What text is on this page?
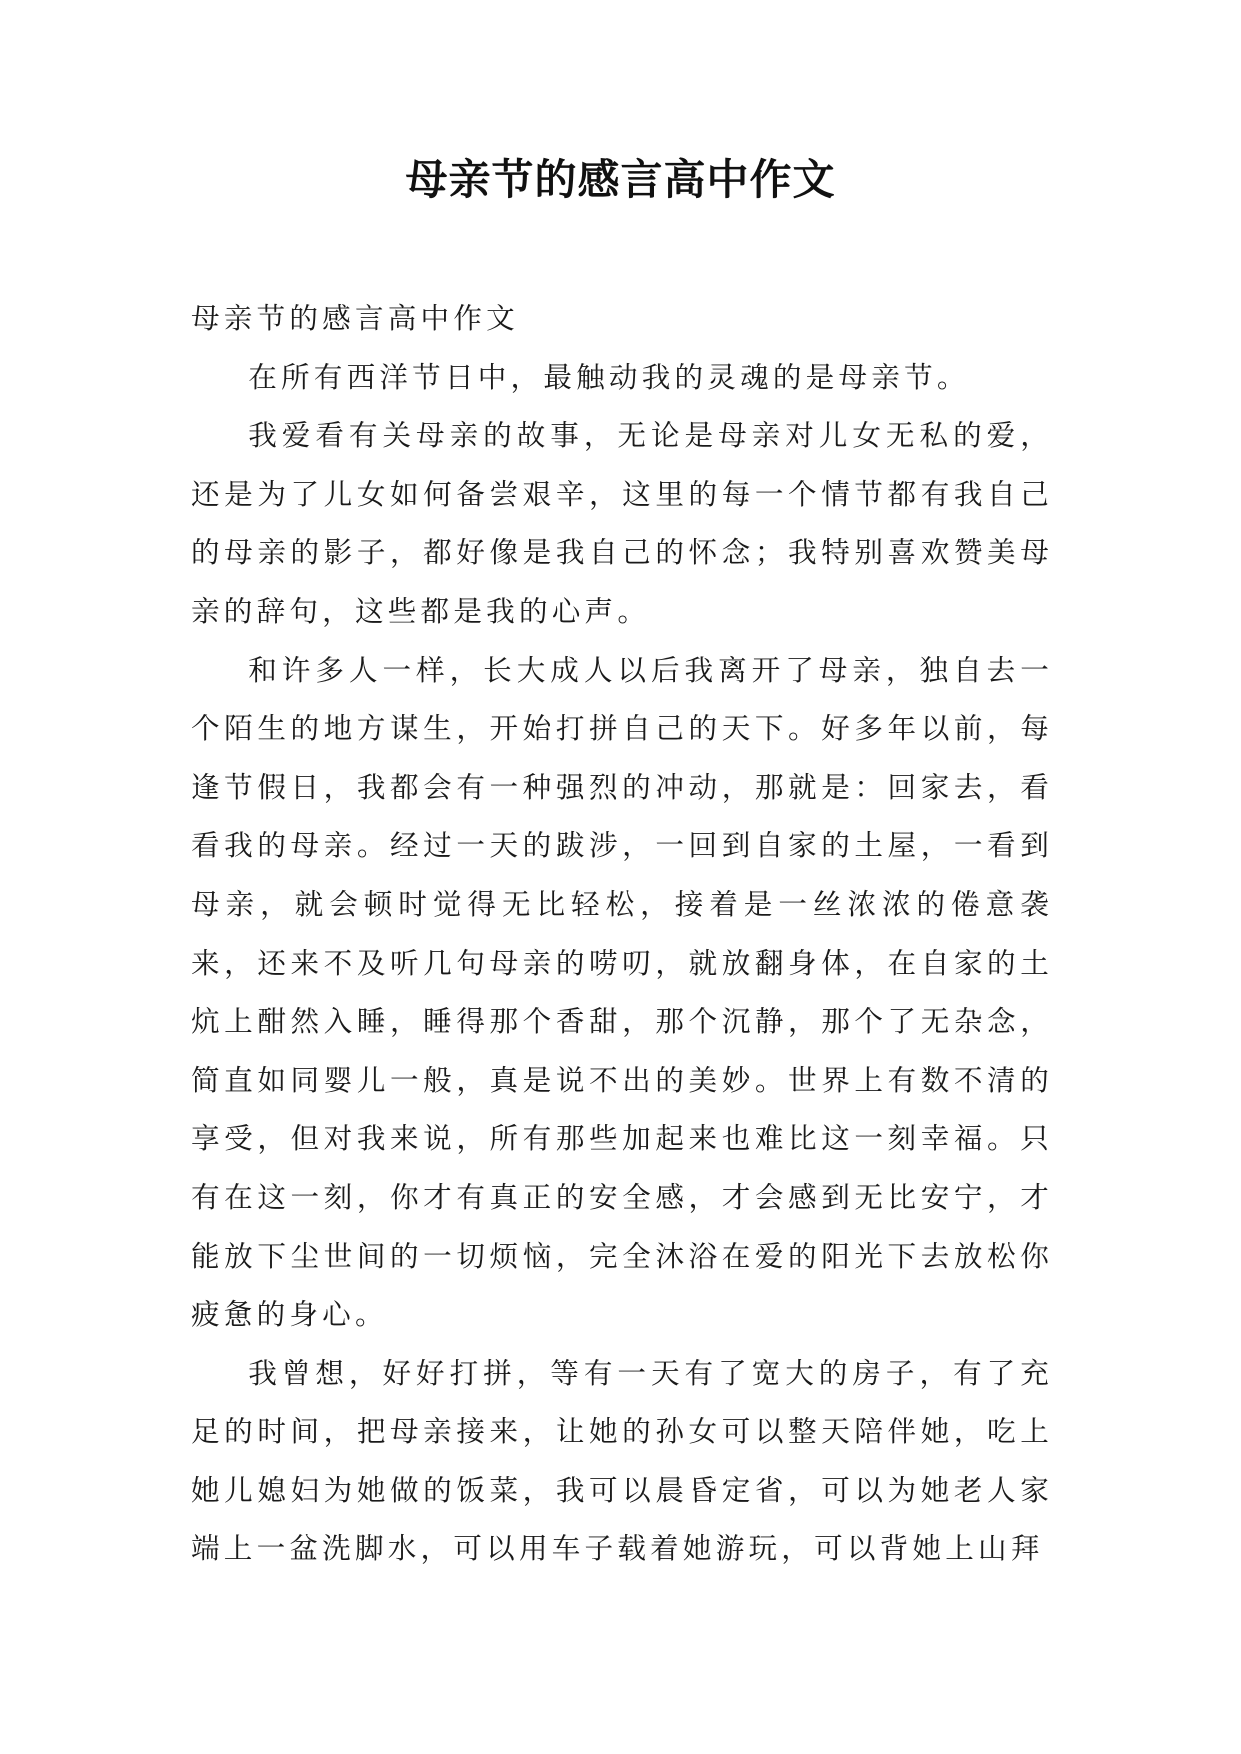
母亲节的感言高中作文

母亲节的感言高中作文

在所有西洋节日中，最触动我的灵魂的是母亲节。

我爱看有关母亲的故事，无论是母亲对儿女无私的爱，还是为了儿女如何备尝艰辛，这里的每一个情节都有我自己的母亲的影子，都好像是我自己的怀念；我特别喜欢赞美母亲的辞句，这些都是我的心声。

和许多人一样，长大成人以后我离开了母亲，独自去一个陌生的地方谋生，开始打拼自己的天下。好多年以前，每逢节假日，我都会有一种强烈的冲动，那就是：回家去，看看我的母亲。经过一天的跋涉，一回到自家的土屋，一看到母亲，就会顿时觉得无比轻松，接着是一丝浓浓的倦意袭来，还来不及听几句母亲的唠叨，就放翻身体，在自家的土炕上酣然入睡，睡得那个香甜，那个沉静，那个了无杂念，简直如同婴儿一般，真是说不出的美妙。世界上有数不清的享受，但对我来说，所有那些加起来也难比这一刻幸福。只有在这一刻，你才有真正的安全感，才会感到无比安宁，才能放下尘世间的一切烦恼，完全沐浴在爱的阳光下去放松你疲惫的身心。

我曾想，好好打拼，等有一天有了宽大的房子，有了充足的时间，把母亲接来，让她的孙女可以整天陪伴她，吃上她儿媳妇为她做的饭菜，我可以晨昏定省，可以为她老人家端上一盆洗脚水，可以用车子载着她游玩，可以背她上山拜
